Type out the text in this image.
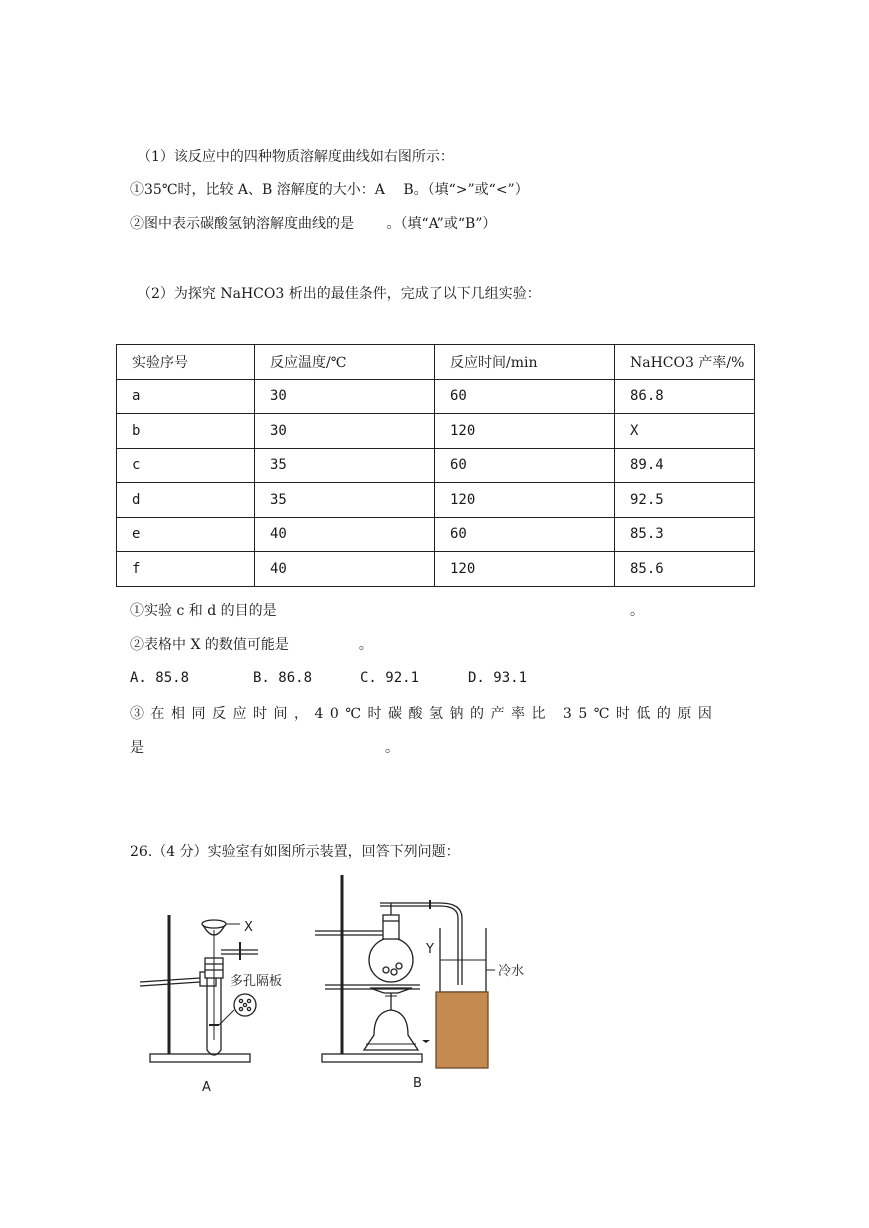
（1）该反应中的四种物质溶解度曲线如右图所示：
①35℃时，比较 A、B 溶解度的大小：A　 B。（填“>”或“<”）
②图中表示碳酸氢钠溶解度曲线的是　　 。（填“A”或“B”）
（2）为探究 NaHCO3 析出的最佳条件，完成了以下几组实验：
实验序号	反应温度/℃	反应时间/min	NaHCO3 产率/%
a	30	60	86.8
b	30	120	X
c	35	60	89.4
d	35	120	92.5
e	40	60	85.3
f	40	120	85.6
①实验 c 和 d 的目的是	。
②表格中 X 的数值可能是　　　　　。
A. 85.8	B. 86.8	C. 92.1	D. 93.1
③在相同反应时间，40℃时碳酸氢钠的产率比 35℃时低的原因
是	。
26.（4 分）实验室有如图所示装置，回答下列问题：
X
多孔隔板
A
Y
冷水
B
